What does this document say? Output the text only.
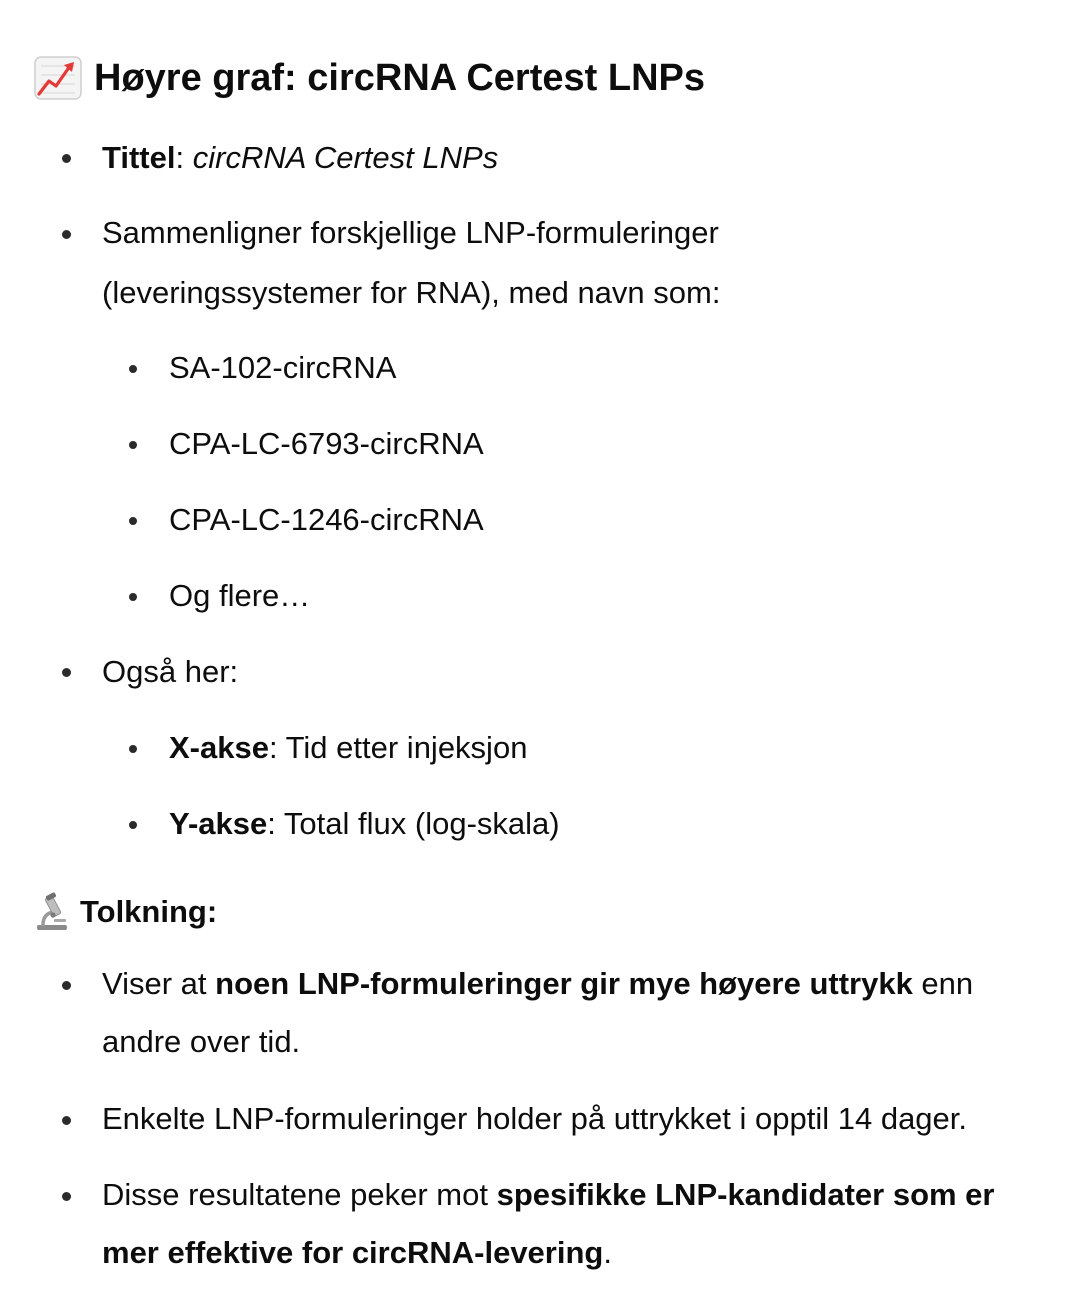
Høyre graf: circRNA Certest LNPs
Tittel: circRNA Certest LNPs
Sammenligner forskjellige LNP-formuleringer
(leveringssystemer for RNA), med navn som:
SA-102-circRNA
CPA-LC-6793-circRNA
CPA-LC-1246-circRNA
Og flere…
Også her:
X-akse: Tid etter injeksjon
Y-akse: Total flux (log-skala)
Tolkning:
Viser at noen LNP-formuleringer gir mye høyere uttrykk enn
andre over tid.
Enkelte LNP-formuleringer holder på uttrykket i opptil 14 dager.
Disse resultatene peker mot spesifikke LNP-kandidater som er
mer effektive for circRNA-levering.
